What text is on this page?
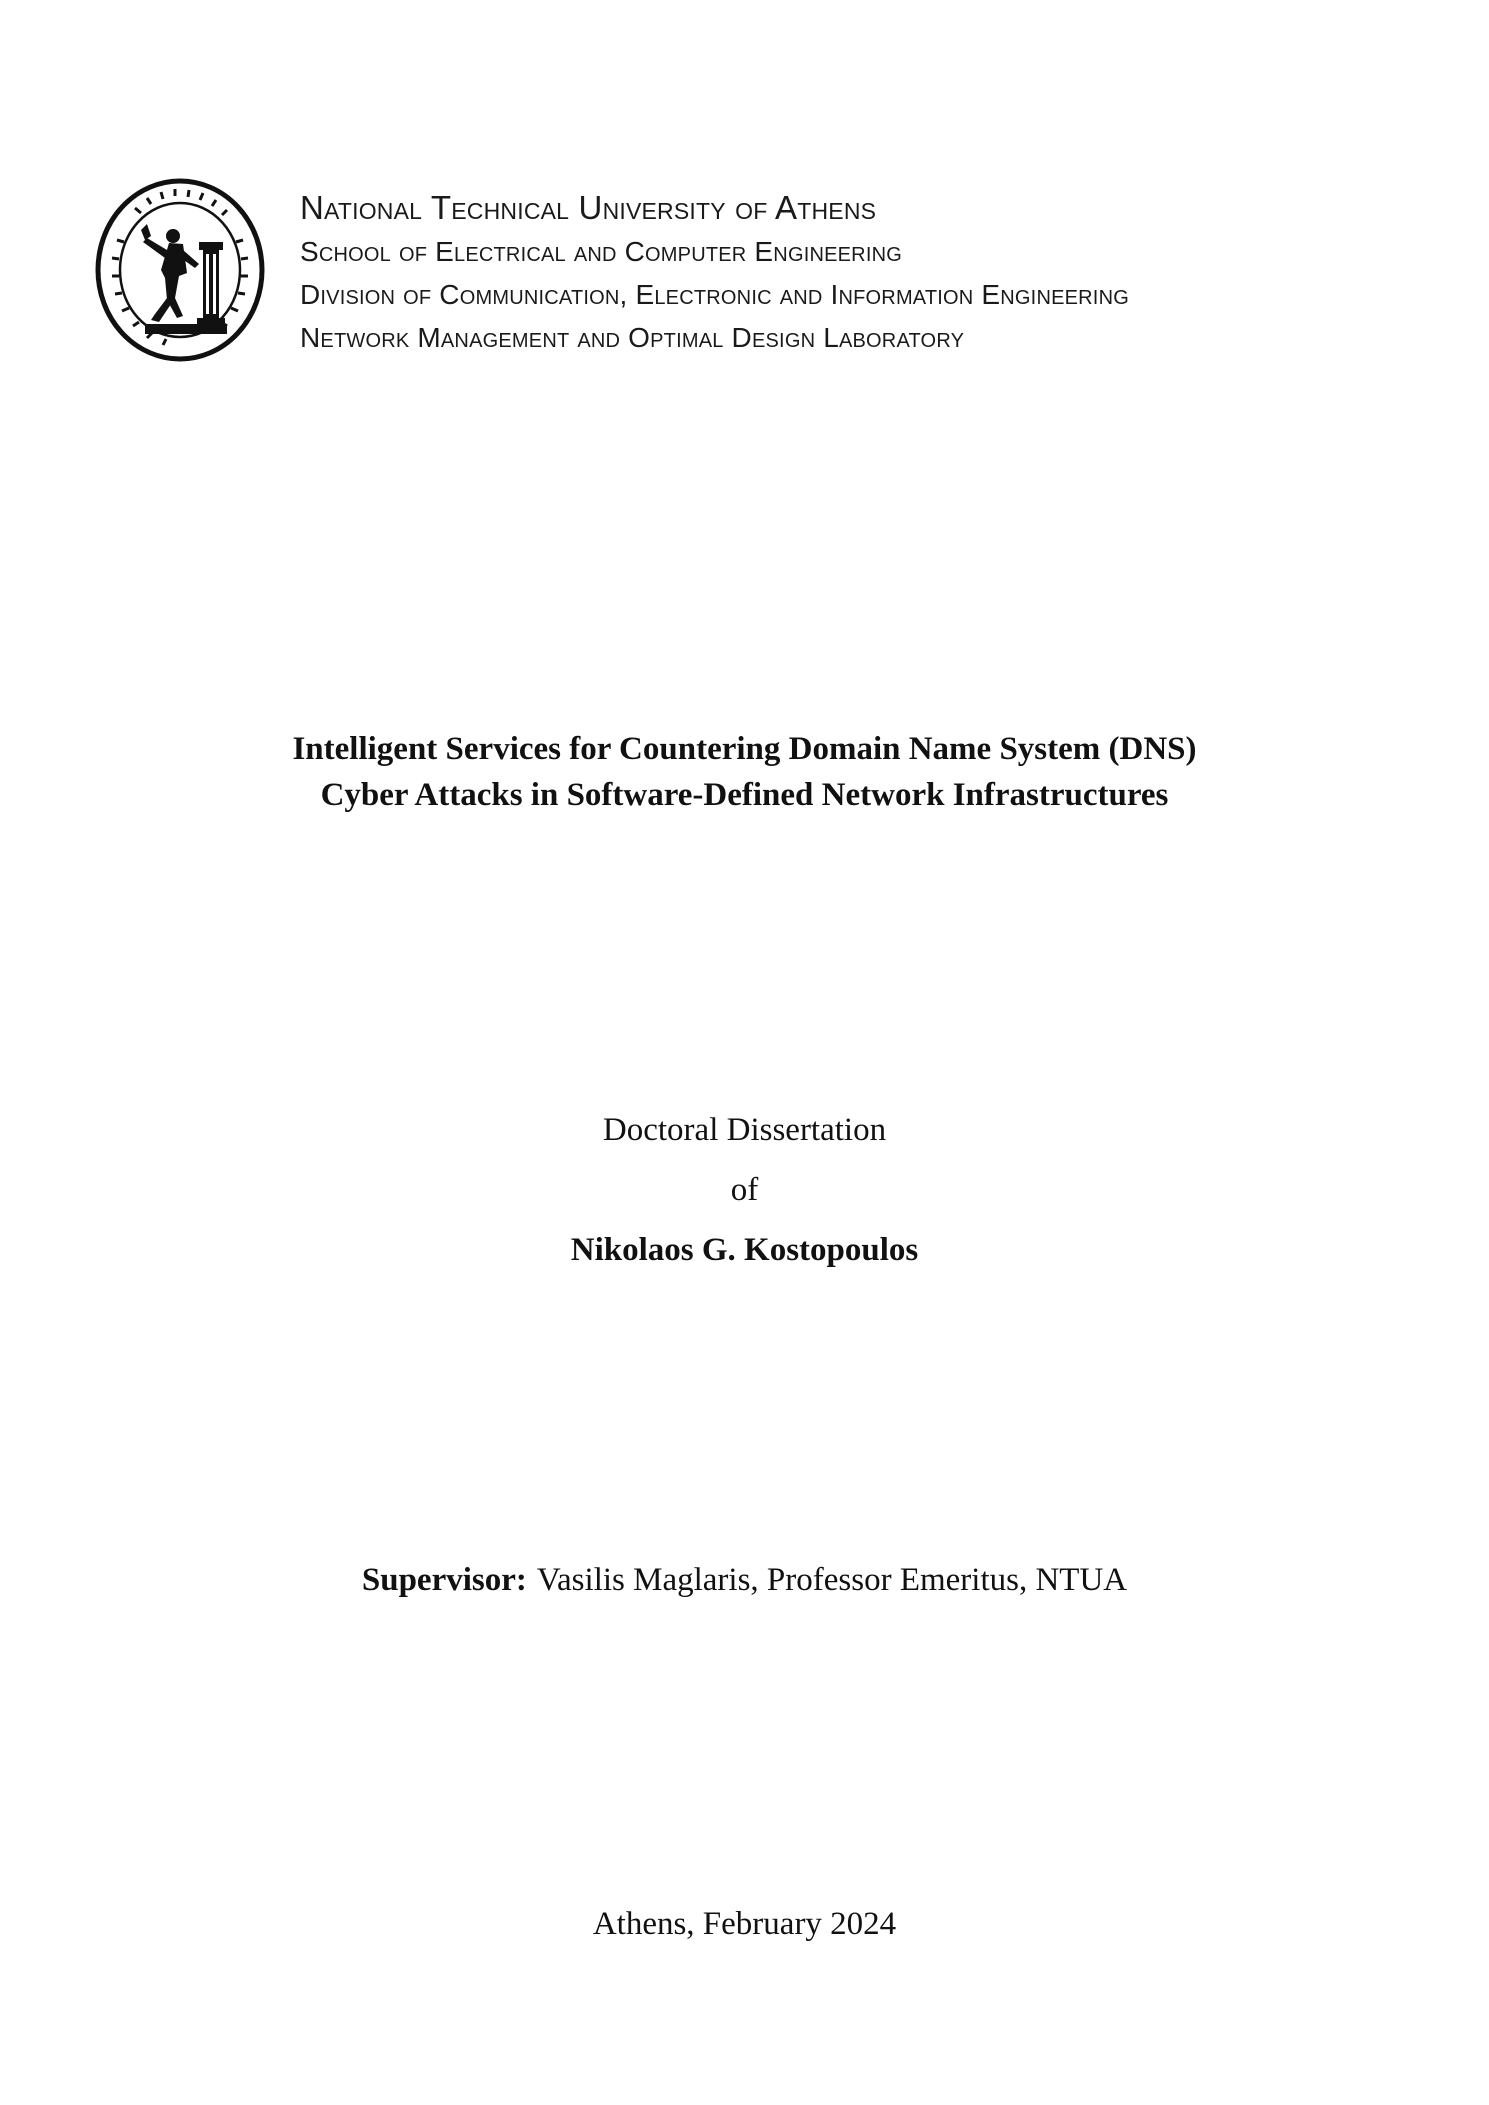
National Technical University of Athens
School of Electrical and Computer Engineering
Division of Communication, Electronic and Information Engineering
Network Management and Optimal Design Laboratory
Intelligent Services for Countering Domain Name System (DNS)
Cyber Attacks in Software-Defined Network Infrastructures
Doctoral Dissertation
of
Nikolaos G. Kostopoulos
Supervisor: Vasilis Maglaris, Professor Emeritus, NTUA
Athens, February 2024
